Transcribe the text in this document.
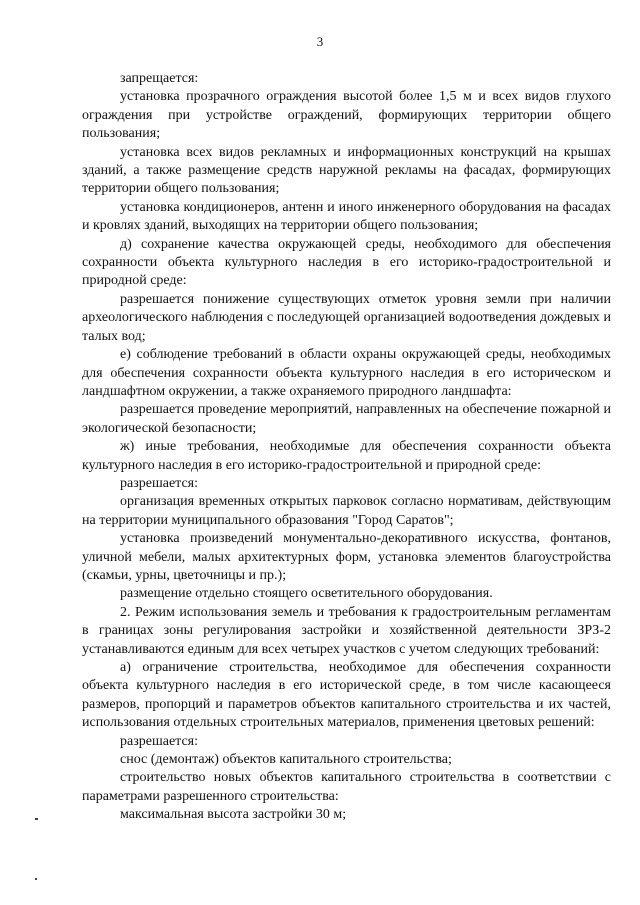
3

запрещается:

установка прозрачного ограждения высотой более 1,5 м и всех видов глухого ограждения при устройстве ограждений, формирующих территории общего пользования;

установка всех видов рекламных и информационных конструкций на крышах зданий, а также размещение средств наружной рекламы на фасадах, формирующих территории общего пользования;

установка кондиционеров, антенн и иного инженерного оборудования на фасадах и кровлях зданий, выходящих на территории общего пользования;

д) сохранение качества окружающей среды, необходимого для обеспечения сохранности объекта культурного наследия в его историко-градостроительной и природной среде:

разрешается понижение существующих отметок уровня земли при наличии археологического наблюдения с последующей организацией водоотведения дождевых и талых вод;

е) соблюдение требований в области охраны окружающей среды, необходимых для обеспечения сохранности объекта культурного наследия в его историческом и ландшафтном окружении, а также охраняемого природного ландшафта:

разрешается проведение мероприятий, направленных на обеспечение пожарной и экологической безопасности;

ж) иные требования, необходимые для обеспечения сохранности объекта культурного наследия в его историко-градостроительной и природной среде:

разрешается:

организация временных открытых парковок согласно нормативам, действующим на территории муниципального образования "Город Саратов";

установка произведений монументально-декоративного искусства, фонтанов, уличной мебели, малых архитектурных форм, установка элементов благоустройства (скамьи, урны, цветочницы и пр.);

размещение отдельно стоящего осветительного оборудования.

2. Режим использования земель и требования к градостроительным регламентам в границах зоны регулирования застройки и хозяйственной деятельности ЗРЗ-2 устанавливаются единым для всех четырех участков с учетом следующих требований:

а) ограничение строительства, необходимое для обеспечения сохранности объекта культурного наследия в его исторической среде, в том числе касающееся размеров, пропорций и параметров объектов капитального строительства и их частей, использования отдельных строительных материалов, применения цветовых решений:

разрешается:

снос (демонтаж) объектов капитального строительства;

строительство новых объектов капитального строительства в соответствии с параметрами разрешенного строительства:

максимальная высота застройки 30 м;
